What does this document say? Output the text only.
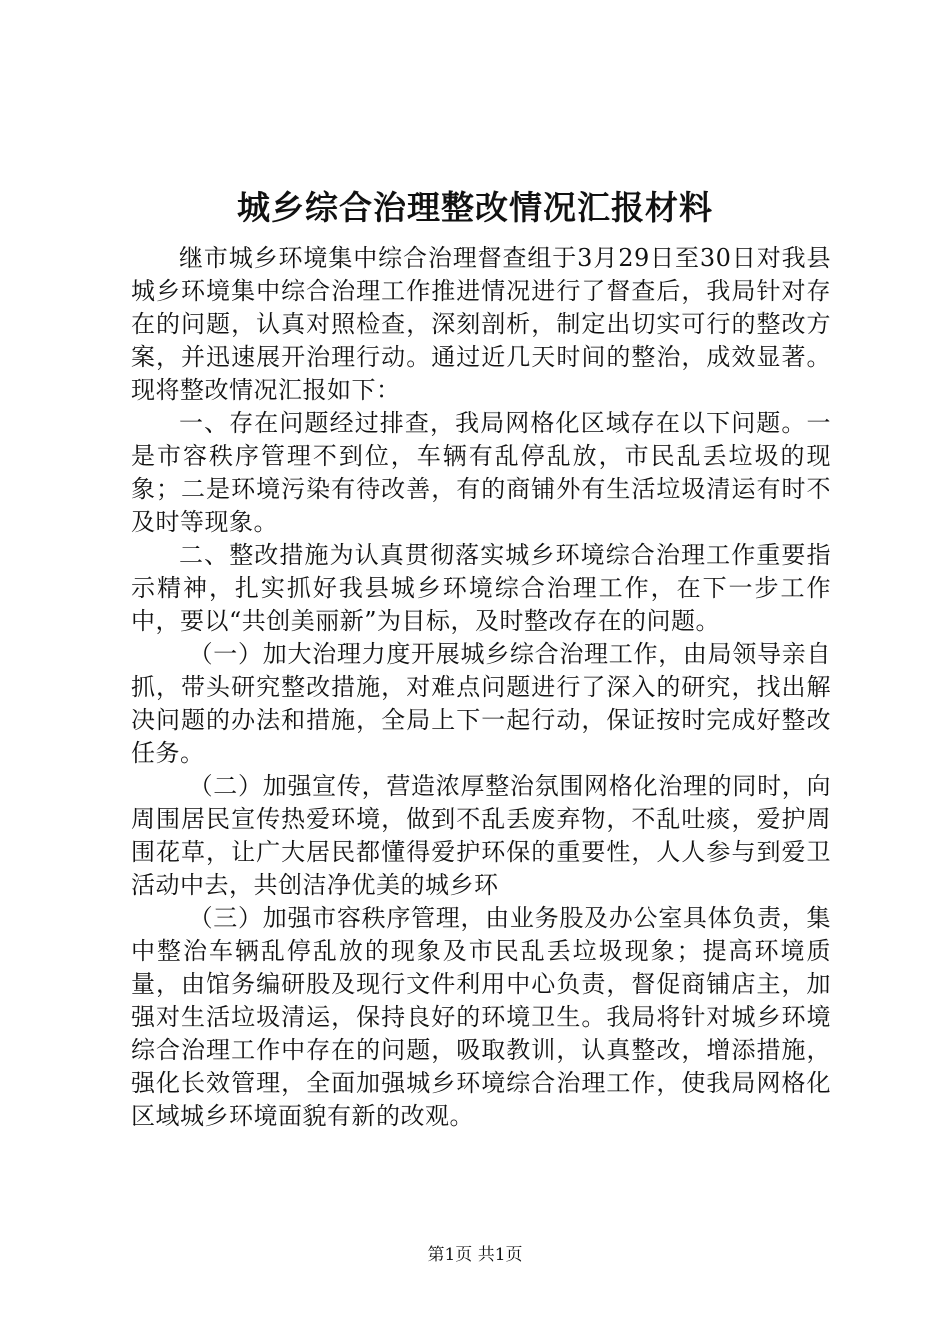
城乡综合治理整改情况汇报材料

继市城乡环境集中综合治理督查组于3月29日至30日对我县城乡环境集中综合治理工作推进情况进行了督查后，我局针对存在的问题，认真对照检查，深刻剖析，制定出切实可行的整改方案，并迅速展开治理行动。通过近几天时间的整治，成效显著。现将整改情况汇报如下：

一、存在问题经过排查，我局网格化区域存在以下问题。一是市容秩序管理不到位，车辆有乱停乱放，市民乱丢垃圾的现象；二是环境污染有待改善，有的商铺外有生活垃圾清运有时不及时等现象。

二、整改措施为认真贯彻落实城乡环境综合治理工作重要指示精神，扎实抓好我县城乡环境综合治理工作，在下一步工作中，要以“共创美丽新”为目标，及时整改存在的问题。

（一）加大治理力度开展城乡综合治理工作，由局领导亲自抓，带头研究整改措施，对难点问题进行了深入的研究，找出解决问题的办法和措施，全局上下一起行动，保证按时完成好整改任务。

（二）加强宣传，营造浓厚整治氛围网格化治理的同时，向周围居民宣传热爱环境，做到不乱丢废弃物，不乱吐痰，爱护周围花草，让广大居民都懂得爱护环保的重要性，人人参与到爱卫活动中去，共创洁净优美的城乡环

（三）加强市容秩序管理，由业务股及办公室具体负责，集中整治车辆乱停乱放的现象及市民乱丢垃圾现象；提高环境质量，由馆务编研股及现行文件利用中心负责，督促商铺店主，加强对生活垃圾清运，保持良好的环境卫生。我局将针对城乡环境综合治理工作中存在的问题，吸取教训，认真整改，增添措施，强化长效管理，全面加强城乡环境综合治理工作，使我局网格化区域城乡环境面貌有新的改观。

第1页 共1页
